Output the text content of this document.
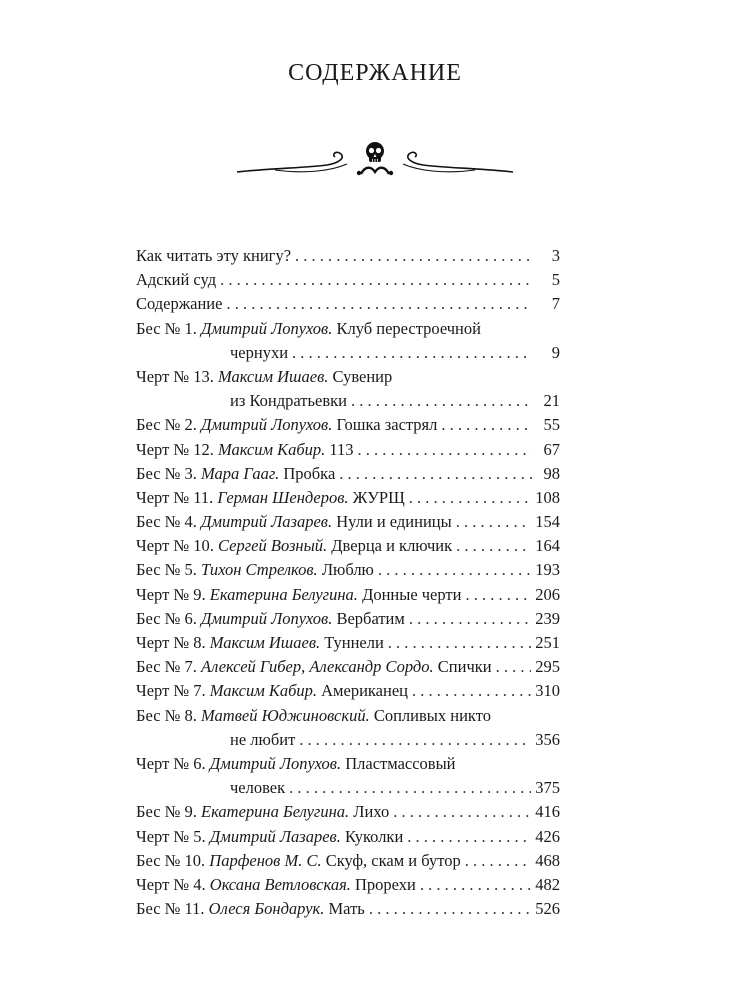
СОДЕРЖАНИЕ
Как читать эту книгу? . . .	3
Адский суд . . .	5
Содержание . . .	7
Бес № 1. Дмитрий Лопухов. Клуб перестроечной
чернухи . . .	9
Черт № 13. Максим Ишаев. Сувенир
из Кондратьевки . . .	21
Бес № 2. Дмитрий Лопухов. Гошка застрял . . .	55
Черт № 12. Максим Кабир. 113 . . .	67
Бес № 3. Мара Гааг. Пробка . . .	98
Черт № 11. Герман Шендеров. ЖУРЩ . . .	108
Бес № 4. Дмитрий Лазарев. Нули и единицы . . .	154
Черт № 10. Сергей Возный. Дверца и ключик . . .	164
Бес № 5. Тихон Стрелков. Люблю . . .	193
Черт № 9. Екатерина Белугина. Донные черти . . .	206
Бес № 6. Дмитрий Лопухов. Вербатим . . .	239
Черт № 8. Максим Ишаев. Туннели . . .	251
Бес № 7. Алексей Гибер, Александр Сордо. Спички . . .	295
Черт № 7. Максим Кабир. Американец . . .	310
Бес № 8. Матвей Юджиновский. Сопливых никто
не любит . . .	356
Черт № 6. Дмитрий Лопухов. Пластмассовый
человек . . .	375
Бес № 9. Екатерина Белугина. Лихо . . .	416
Черт № 5. Дмитрий Лазарев. Куколки . . .	426
Бес № 10. Парфенов М. С. Скуф, скам и бутор . . .	468
Черт № 4. Оксана Ветловская. Прорехи . . .	482
Бес № 11. Олеся Бондарук. Мать . . .	526
